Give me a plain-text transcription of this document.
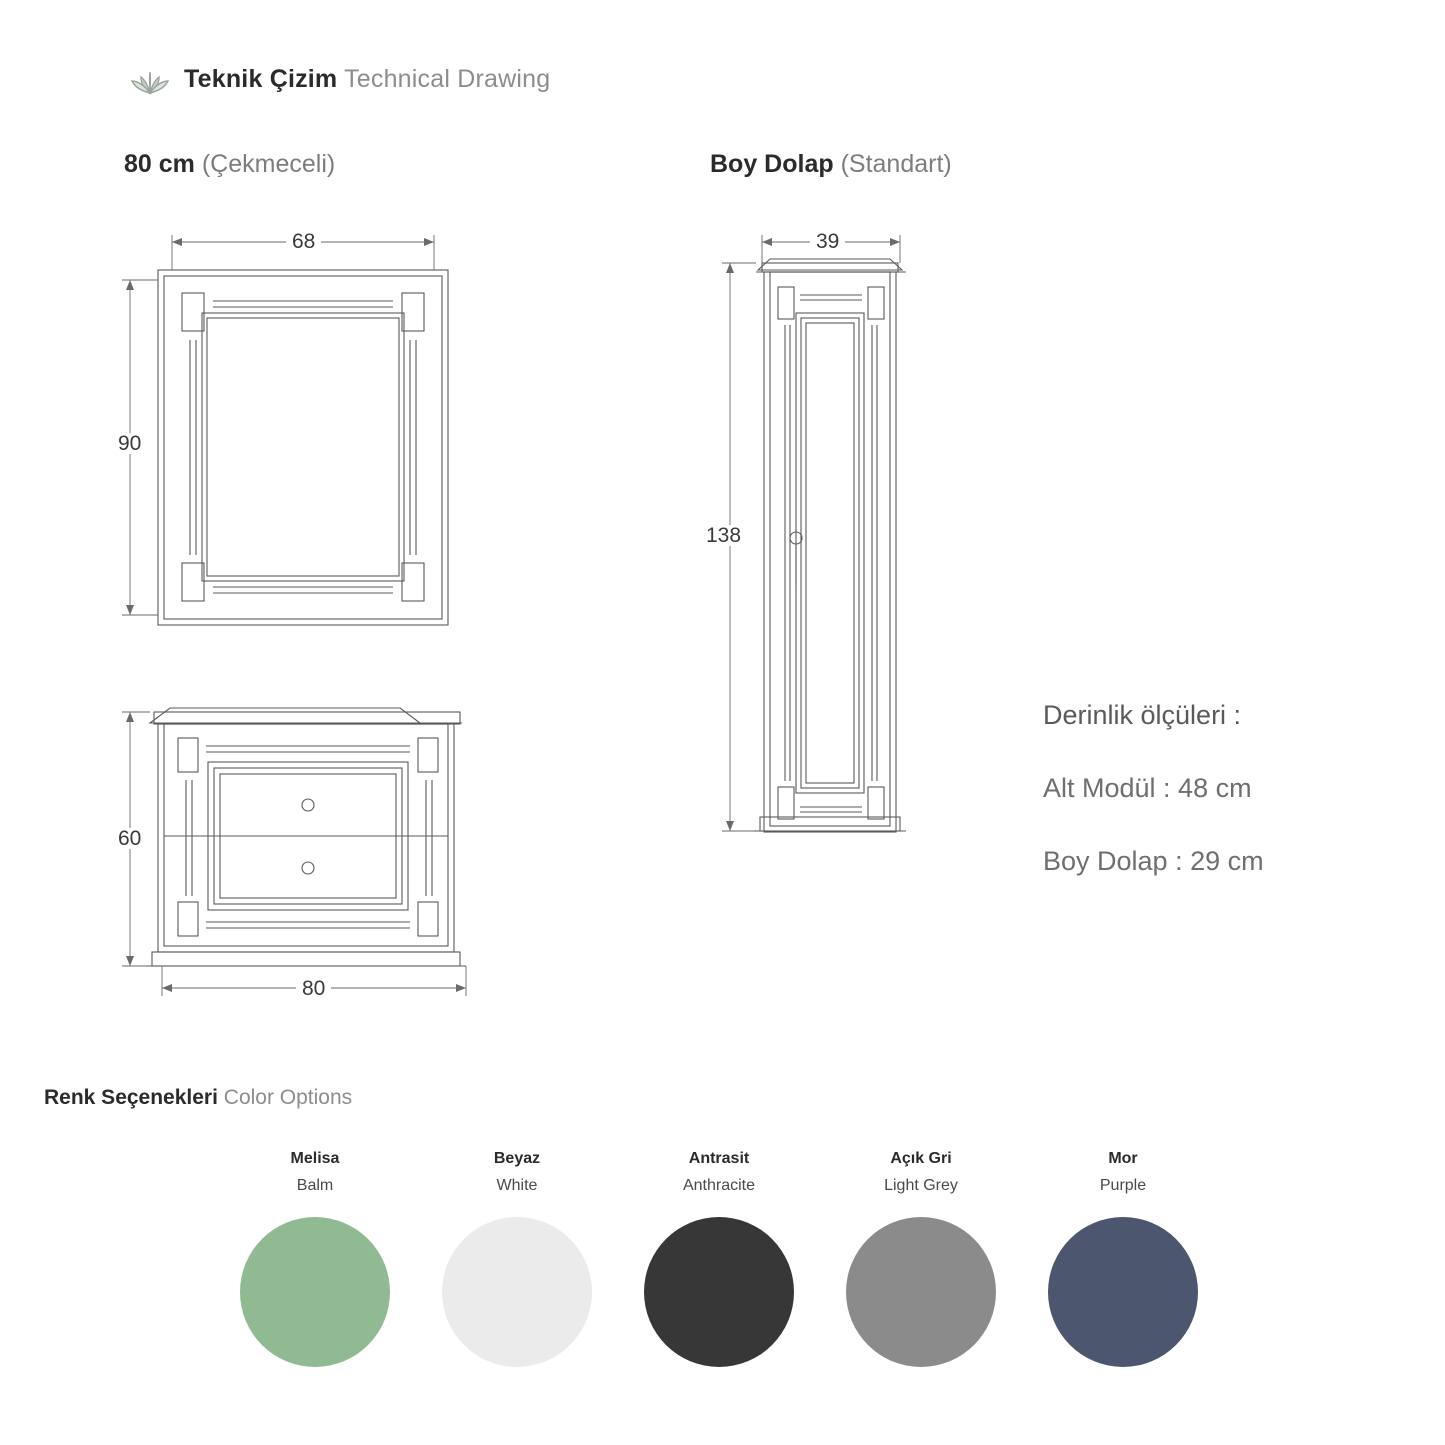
Teknik Çizim Technical Drawing
80 cm (Çekmeceli)	Boy Dolap (Standart)
68
90
60
80
39
138
Derinlik ölçüleri :
Alt Modül : 48 cm
Boy Dolap : 29 cm
Renk Seçenekleri Color Options
Melisa
Balm
Beyaz
White
Antrasit
Anthracite
Açık Gri
Light Grey
Mor
Purple
